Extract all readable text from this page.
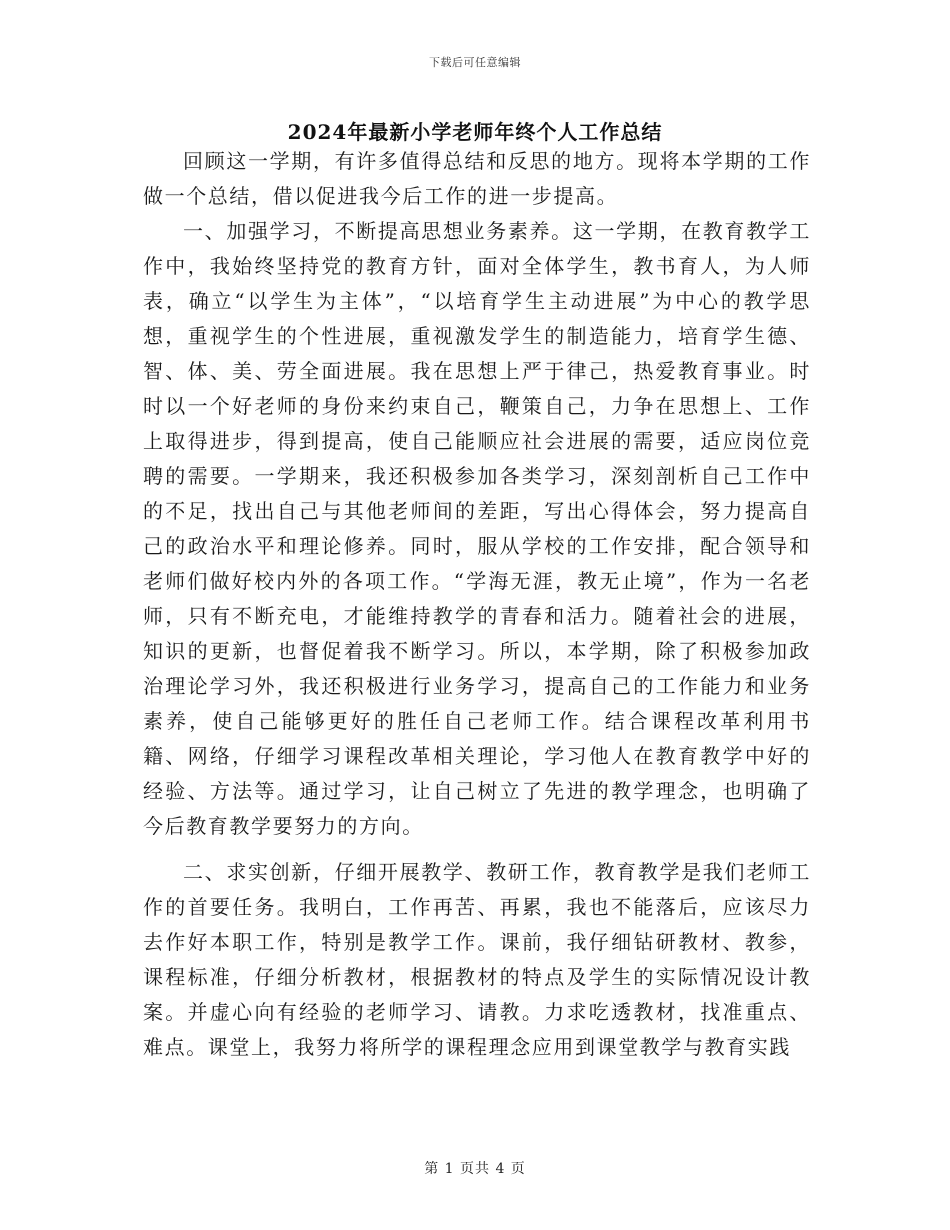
下载后可任意编辑
2024年最新小学老师年终个人工作总结

回顾这一学期，有许多值得总结和反思的地方。现将本学期的工作做一个总结，借以促进我今后工作的进一步提高。

一、加强学习，不断提高思想业务素养。这一学期，在教育教学工作中，我始终坚持党的教育方针，面对全体学生，教书育人，为人师表，确立“以学生为主体”，“以培育学生主动进展”为中心的教学思想，重视学生的个性进展，重视激发学生的制造能力，培育学生德、智、体、美、劳全面进展。我在思想上严于律己，热爱教育事业。时时以一个好老师的身份来约束自己，鞭策自己，力争在思想上、工作上取得进步，得到提高，使自己能顺应社会进展的需要，适应岗位竞聘的需要。一学期来，我还积极参加各类学习，深刻剖析自己工作中的不足，找出自己与其他老师间的差距，写出心得体会，努力提高自己的政治水平和理论修养。同时，服从学校的工作安排，配合领导和老师们做好校内外的各项工作。“学海无涯，教无止境”，作为一名老师，只有不断充电，才能维持教学的青春和活力。随着社会的进展，知识的更新，也督促着我不断学习。所以，本学期，除了积极参加政治理论学习外，我还积极进行业务学习，提高自己的工作能力和业务素养，使自己能够更好的胜任自己老师工作。结合课程改革利用书籍、网络，仔细学习课程改革相关理论，学习他人在教育教学中好的经验、方法等。通过学习，让自己树立了先进的教学理念，也明确了今后教育教学要努力的方向。

二、求实创新，仔细开展教学、教研工作，教育教学是我们老师工作的首要任务。我明白，工作再苦、再累，我也不能落后，应该尽力去作好本职工作，特别是教学工作。课前，我仔细钻研教材、教参，课程标准，仔细分析教材，根据教材的特点及学生的实际情况设计教案。并虚心向有经验的老师学习、请教。力求吃透教材，找准重点、难点。课堂上，我努力将所学的课程理念应用到课堂教学与教育实践

第 1 页共 4 页
